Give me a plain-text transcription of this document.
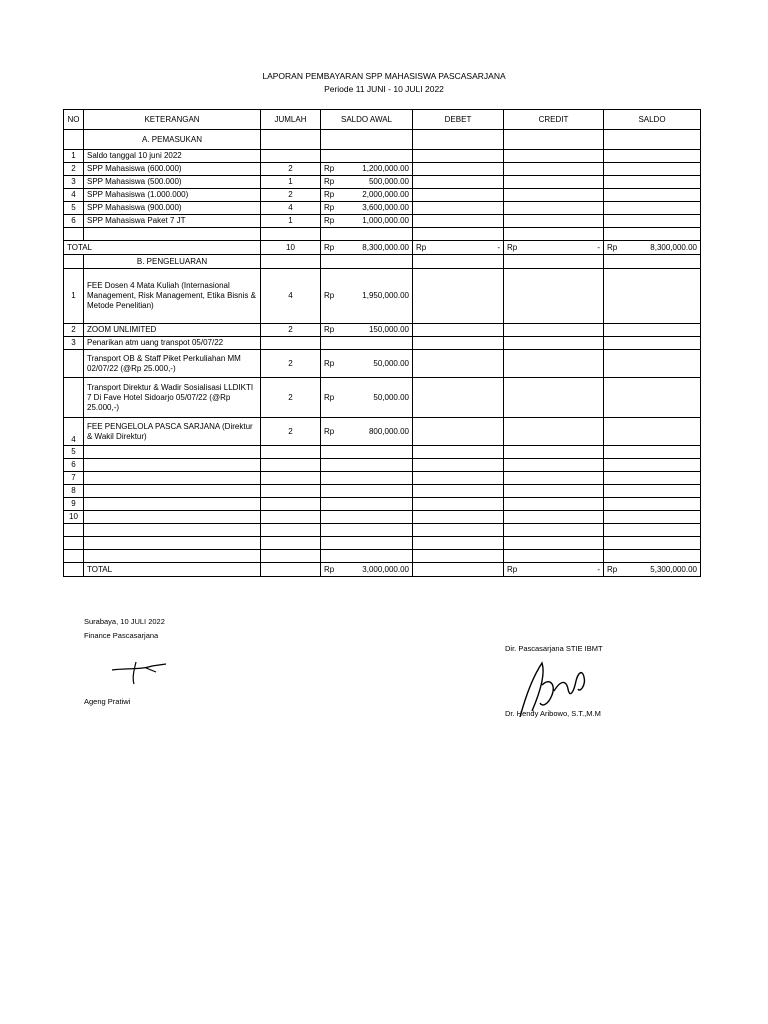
LAPORAN PEMBAYARAN SPP MAHASISWA PASCASARJANA
Periode 11 JUNI - 10 JULI 2022
NO	KETERANGAN	JUMLAH	SALDO AWAL	DEBET	CREDIT	SALDO
	A. PEMASUKAN					
1	Saldo tanggal 10 juni 2022					
2	SPP Mahasiswa (600.000)	2	Rp 1,200,000.00			

3	SPP Mahasiswa (500.000)	1	Rp 500,000.00			

4	SPP Mahasiswa (1.000.000)	2	Rp 2,000,000.00			

5	SPP Mahasiswa (900.000)	4	Rp 3,600,000.00			

6	SPP Mahasiswa Paket 7 JT	1	Rp 1,000,000.00			

TOTAL		10	Rp 8,300,000.00	Rp -	Rp -	Rp 8,300,000.00

	B. PENGELUARAN					
1	FEE Dosen 4 Mata Kuliah (Internasional Management, Risk Management, Etika Bisnis & Metode Penelitian)	4	Rp 1,950,000.00			

2	ZOOM UNLIMITED	2	Rp 150,000.00			

3	Penarikan atm uang transpot 05/07/22					
	Transport OB & Staff Piket Perkuliahan MM 02/07/22 (@Rp 25.000,-)	2	Rp 50,000.00			

	Transport Direktur & Wadir Sosialisasi LLDIKTI 7 Di Fave Hotel Sidoarjo 05/07/22 (@Rp 25.000,-)	2	Rp 50,000.00			

4	FEE PENGELOLA PASCA SARJANA (Direktur & Wakil Direktur)	2	Rp 800,000.00			

5						
6						
7						
8						
9						
10						

	TOTAL		Rp 3,000,000.00		Rp -	Rp 5,300,000.00
Surabaya, 10 JULI 2022
Finance Pascasarjana
Ageng Pratiwi
Dir. Pascasarjana STIE IBMT
Dr. Hendy Aribowo, S.T.,M.M
